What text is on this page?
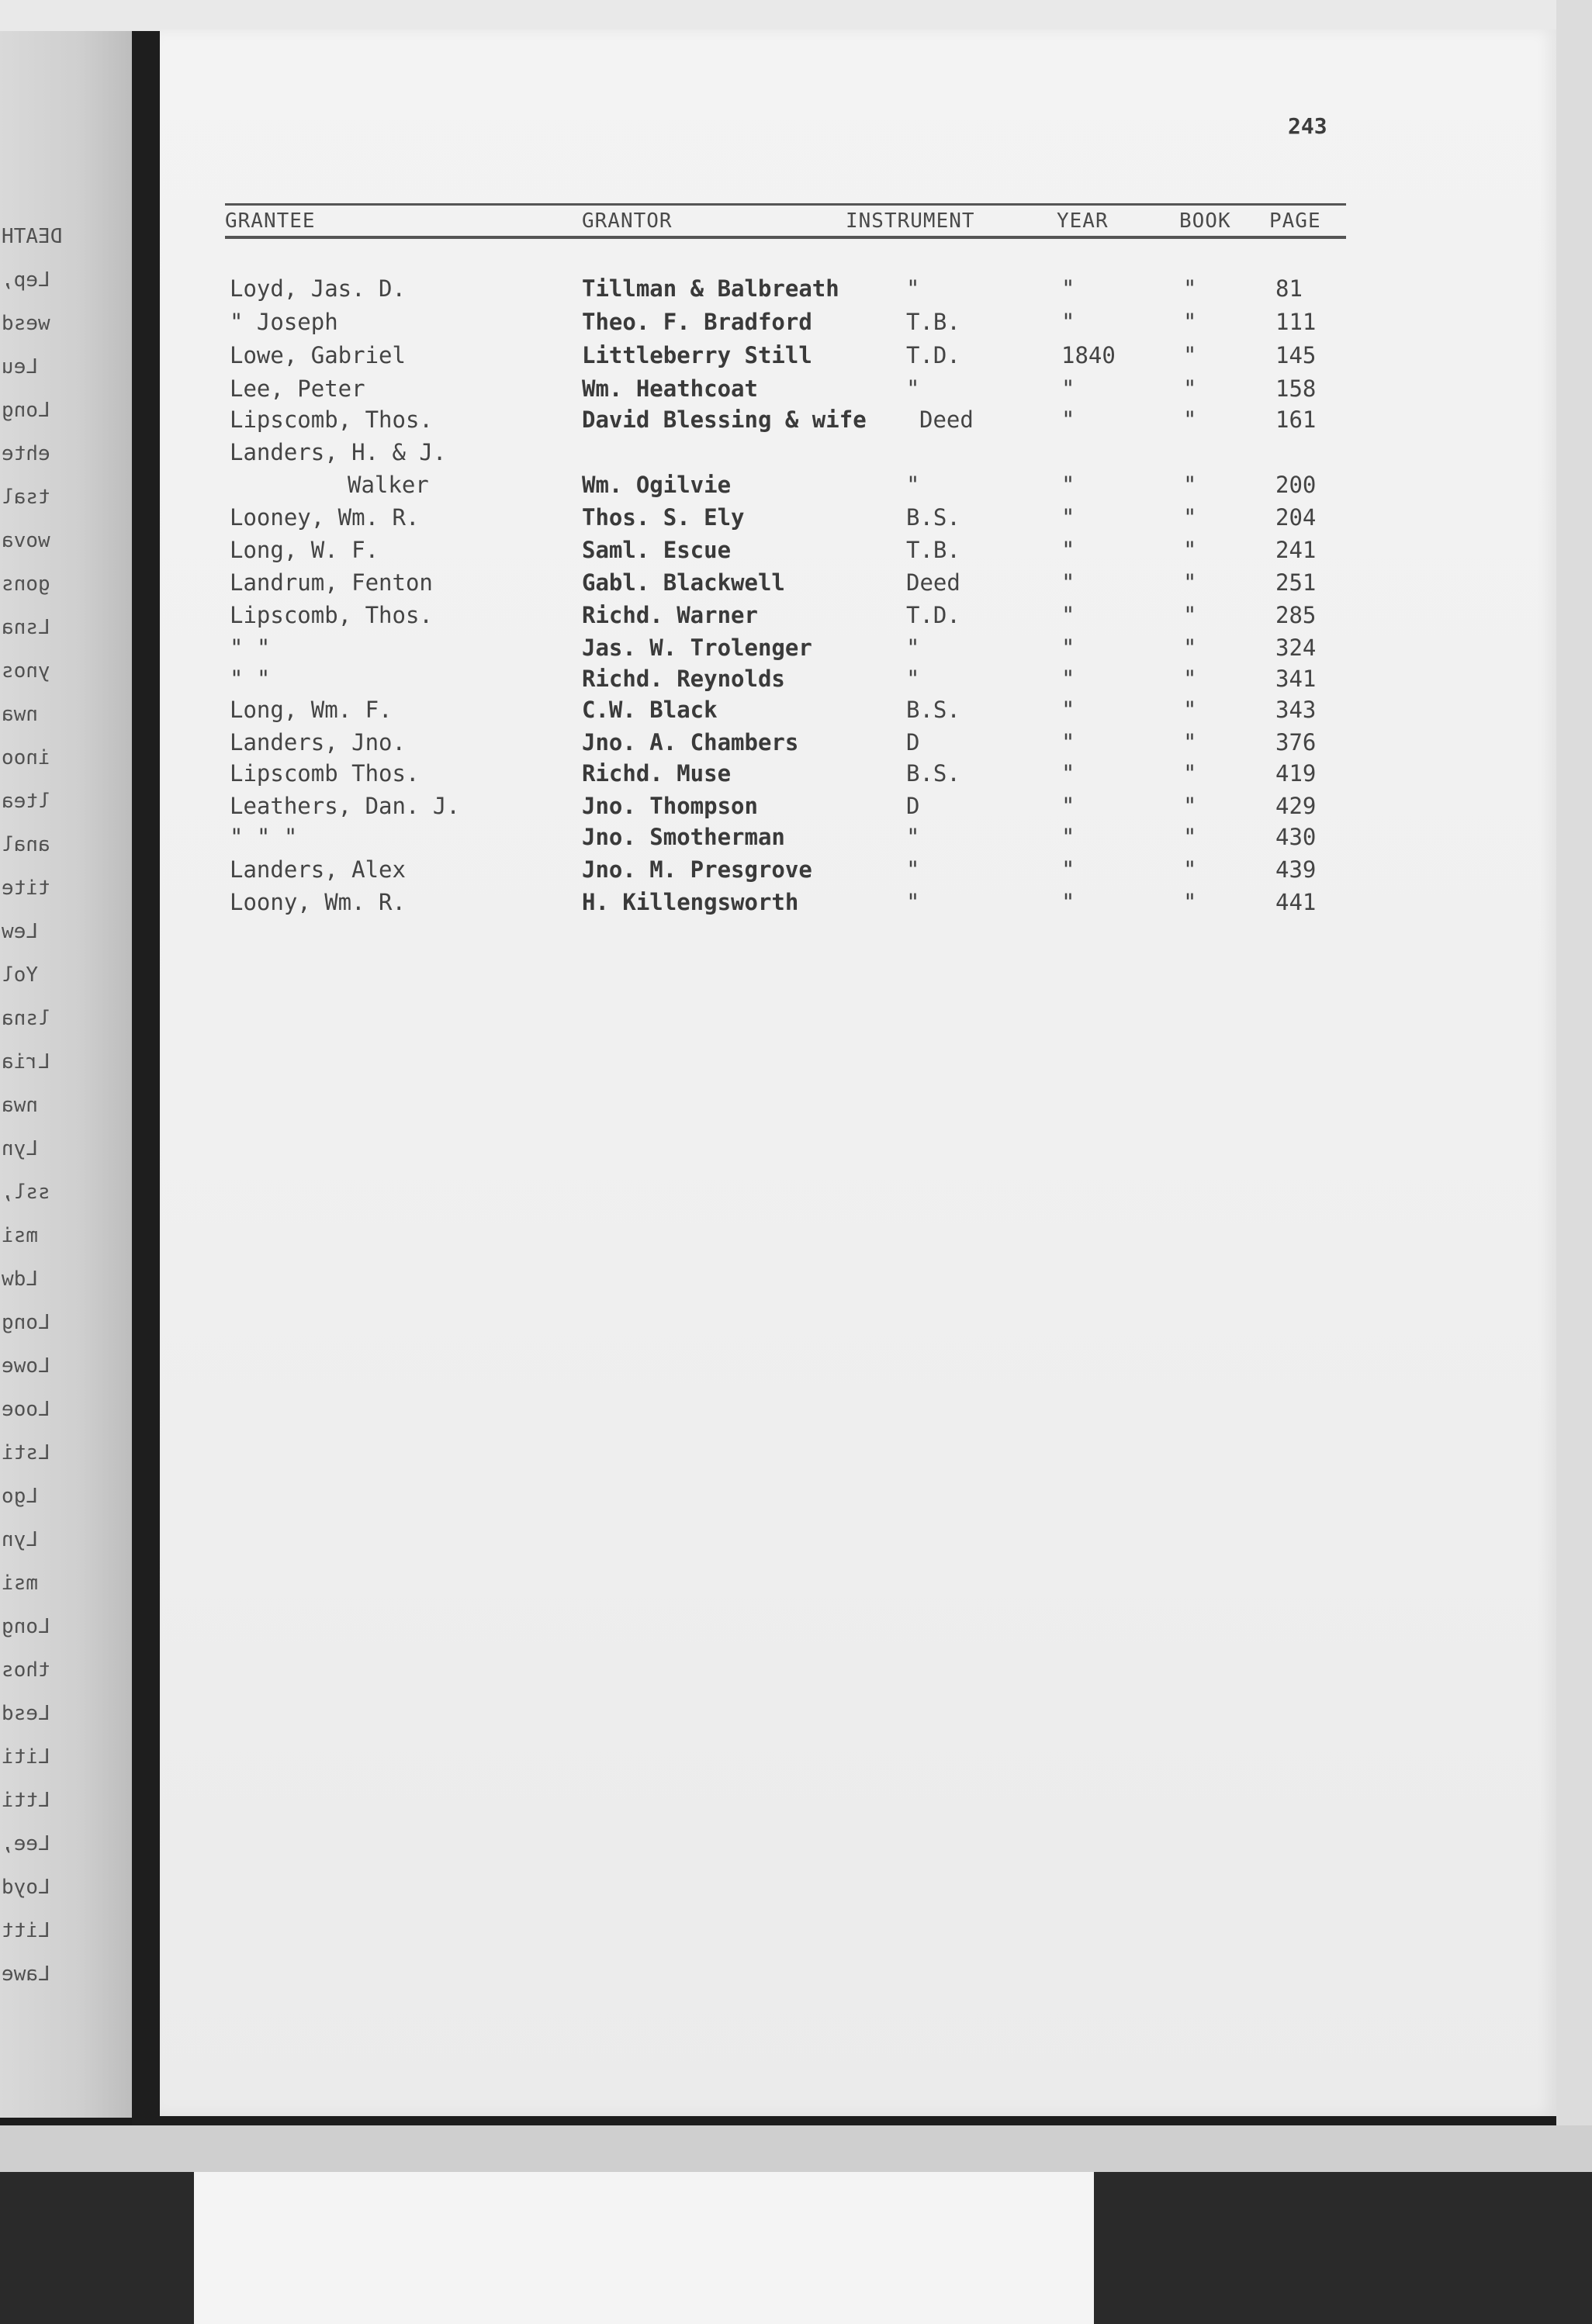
DEATH
Lep,
wesd
Leu
Long
ehte
tsal
wova
gons
Lsna
ynos
nwa
inoo
ltea
anal
tite
Lew
Yol
lsna
Lria
nwa
Lyn
ssl,
msi
Ldw
Long
Lowe
Looe
Lsti
Lgo
Lyn
msi
Long
thos
Lesd
Liti
Ltti
Lee,
Loyd
Litt
Lawe
243
GRANTEE	GRANTOR	INSTRUMENT	YEAR	BOOK PAGE
Loyd, Jas. D.	Tillman & Balbreath	"	"	"	81
" Joseph	Theo. F. Bradford	T.B.	"	"	111
Lowe, Gabriel	Littleberry Still	T.D.	1840	"	145
Lee, Peter	Wm. Heathcoat	"	"	"	158
Lipscomb, Thos.	David Blessing & wife Deed	"	"	161
Landers, H. & J.
Walker	Wm. Ogilvie	"	"	"	200
Looney, Wm. R.	Thos. S. Ely	B.S.	"	"	204
Long, W. F.	Saml. Escue	T.B.	"	"	241
Landrum, Fenton	Gabl. Blackwell	Deed	"	"	251
Lipscomb, Thos.	Richd. Warner	T.D.	"	"	285
" "	Jas. W. Trolenger	"	"	"	324
" "	Richd. Reynolds	"	"	"	341
Long, Wm. F.	C.W. Black	B.S.	"	"	343
Landers, Jno.	Jno. A. Chambers	D	"	"	376
Lipscomb Thos.	Richd. Muse	B.S.	"	"	419
Leathers, Dan. J.	Jno. Thompson	D	"	"	429
" " "	Jno. Smotherman	"	"	"	430
Landers, Alex	Jno. M. Presgrove	"	"	"	439
Loony, Wm. R.	H. Killengsworth	"	"	"	441
